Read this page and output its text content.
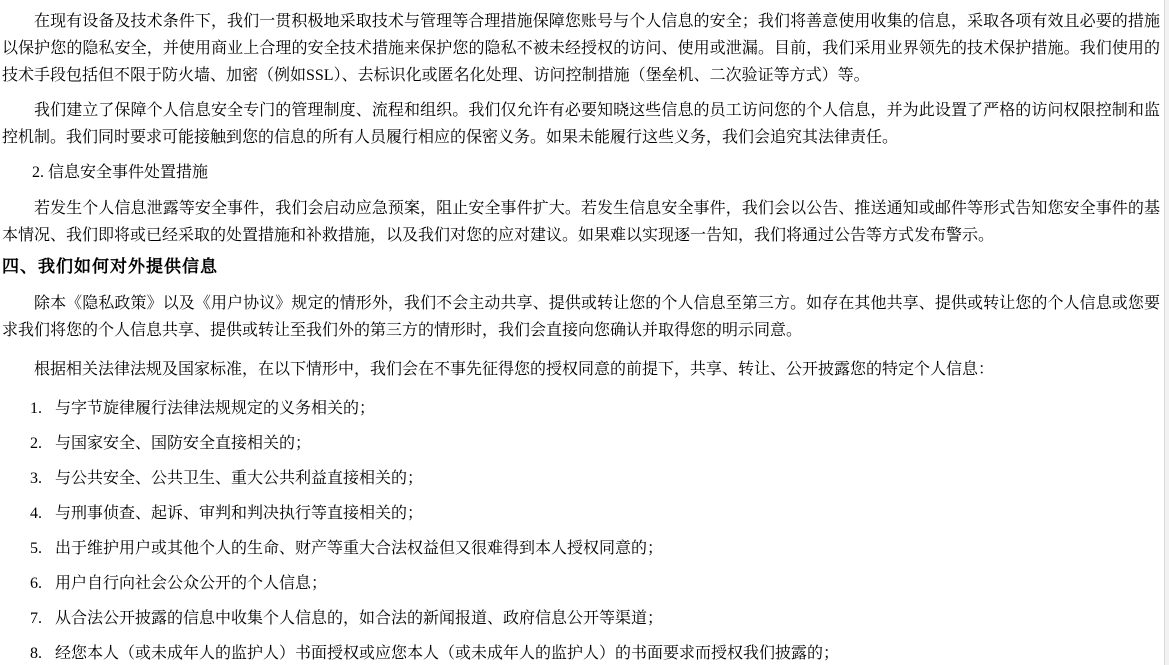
在现有设备及技术条件下，我们一贯积极地采取技术与管理等合理措施保障您账号与个人信息的安全；我们将善意使用收集的信息，采取各项有效且必要的措施以保护您的隐私安全，并使用商业上合理的安全技术措施来保护您的隐私不被未经授权的访问、使用或泄漏。目前，我们采用业界领先的技术保护措施。我们使用的技术手段包括但不限于防火墙、加密（例如SSL）、去标识化或匿名化处理、访问控制措施（堡垒机、二次验证等方式）等。

我们建立了保障个人信息安全专门的管理制度、流程和组织。我们仅允许有必要知晓这些信息的员工访问您的个人信息，并为此设置了严格的访问权限控制和监控机制。我们同时要求可能接触到您的信息的所有人员履行相应的保密义务。如果未能履行这些义务，我们会追究其法律责任。

2. 信息安全事件处置措施

若发生个人信息泄露等安全事件，我们会启动应急预案，阻止安全事件扩大。若发生信息安全事件，我们会以公告、推送通知或邮件等形式告知您安全事件的基本情况、我们即将或已经采取的处置措施和补救措施，以及我们对您的应对建议。如果难以实现逐一告知，我们将通过公告等方式发布警示。

四、我们如何对外提供信息

除本《隐私政策》以及《用户协议》规定的情形外，我们不会主动共享、提供或转让您的个人信息至第三方。如存在其他共享、提供或转让您的个人信息或您要求我们将您的个人信息共享、提供或转让至我们外的第三方的情形时，我们会直接向您确认并取得您的明示同意。

根据相关法律法规及国家标准，在以下情形中，我们会在不事先征得您的授权同意的前提下，共享、转让、公开披露您的特定个人信息：

1. 与字节旋律履行法律法规规定的义务相关的；
2. 与国家安全、国防安全直接相关的；
3. 与公共安全、公共卫生、重大公共利益直接相关的；
4. 与刑事侦查、起诉、审判和判决执行等直接相关的；
5. 出于维护用户或其他个人的生命、财产等重大合法权益但又很难得到本人授权同意的；
6. 用户自行向社会公众公开的个人信息；
7. 从合法公开披露的信息中收集个人信息的，如合法的新闻报道、政府信息公开等渠道；
8. 经您本人（或未成年人的监护人）书面授权或应您本人（或未成年人的监护人）的书面要求而授权我们披露的；
